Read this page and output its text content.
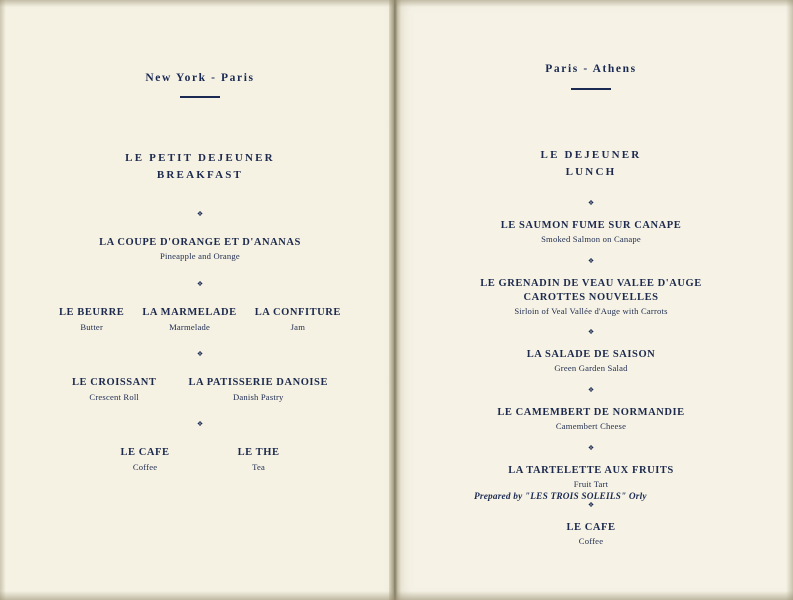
New York - Paris
LE PETIT DEJEUNER
BREAKFAST
❖
LA COUPE D'ORANGE ET D'ANANAS
Pineapple and Orange
❖
LE BEURRE
Butter
LA MARMELADE
Marmelade
LA CONFITURE
Jam
❖
LE CROISSANT
Crescent Roll
LA PATISSERIE DANOISE
Danish Pastry
❖
LE CAFE
Coffee
LE THE
Tea
Paris - Athens
LE DEJEUNER
LUNCH
❖
LE SAUMON FUME SUR CANAPE
Smoked Salmon on Canape
❖
LE GRENADIN DE VEAU VALEE D'AUGE
CAROTTES NOUVELLES
Sirloin of Veal Vallée d'Auge with Carrots
❖
LA SALADE DE SAISON
Green Garden Salad
❖
LE CAMEMBERT DE NORMANDIE
Camembert Cheese
❖
LA TARTELETTE AUX FRUITS
Fruit Tart
❖
LE CAFE
Coffee
Prepared by "LES TROIS SOLEILS" Orly
